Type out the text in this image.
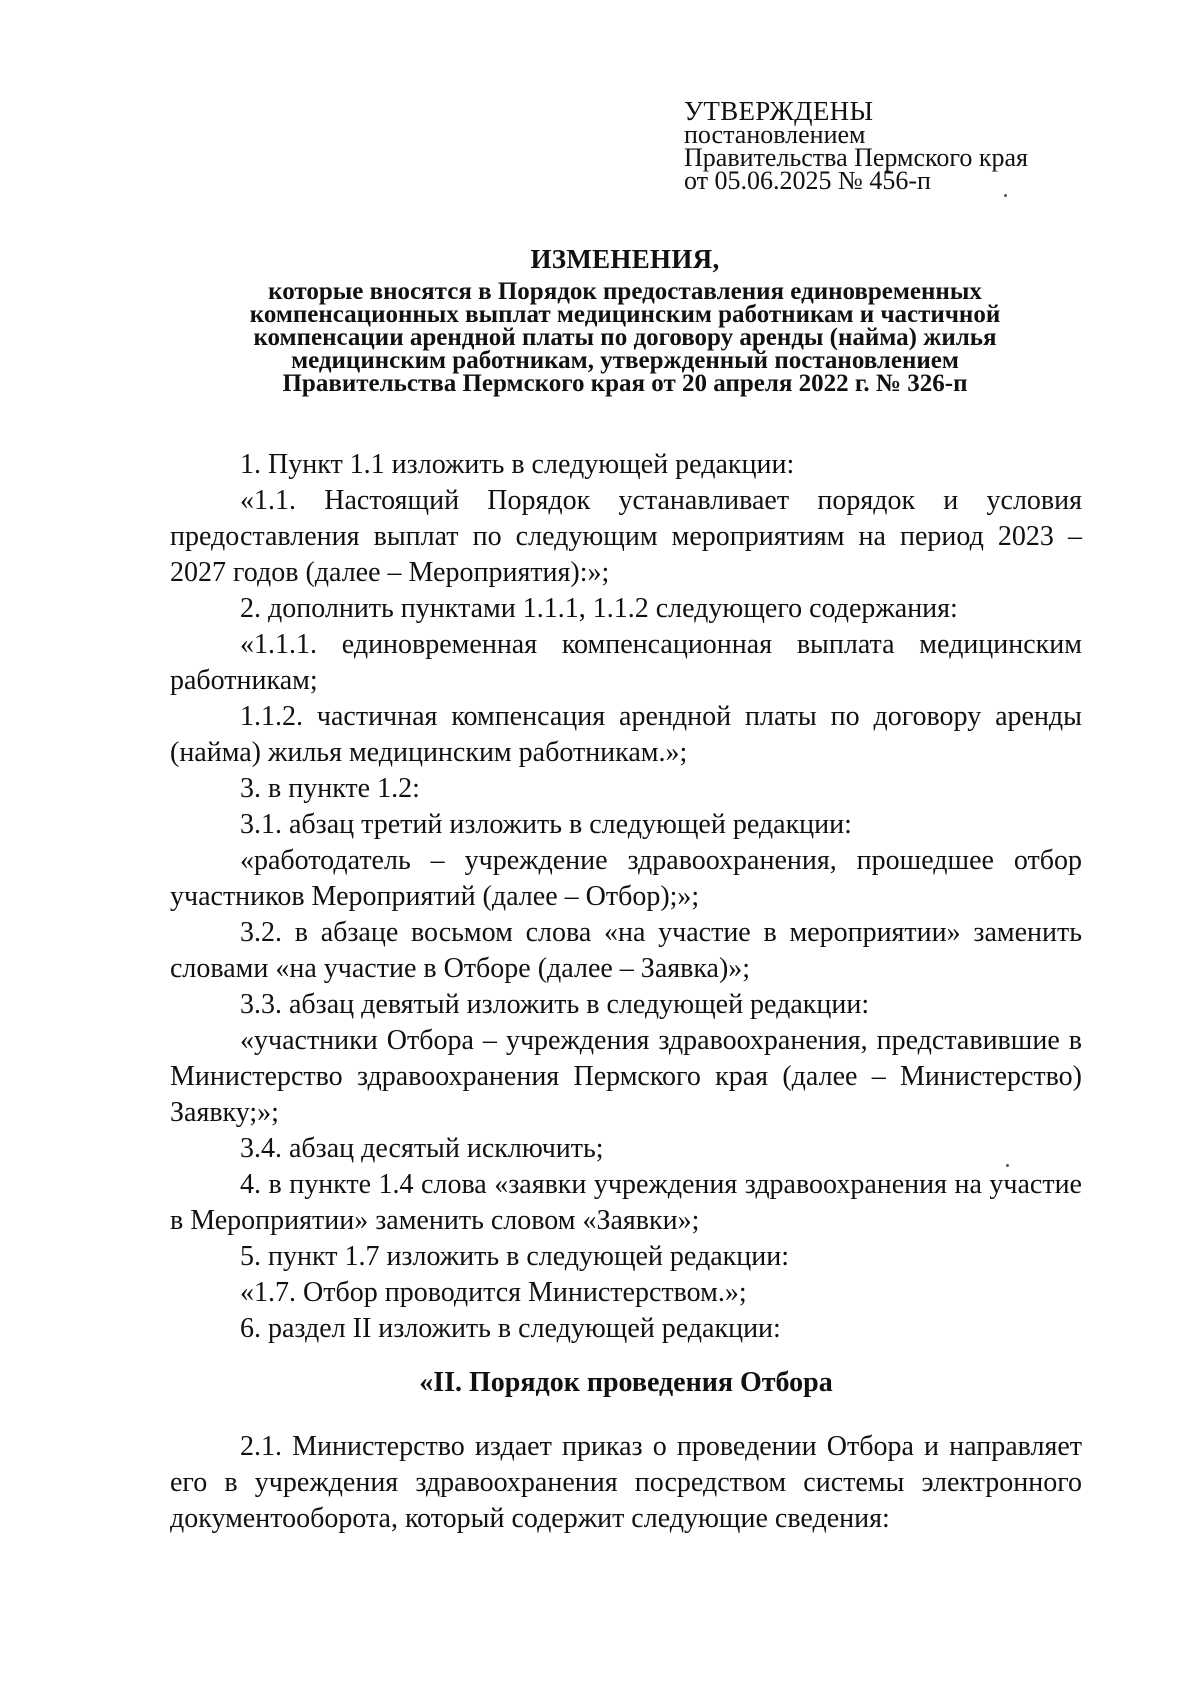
УТВЕРЖДЕНЫ
постановлением
Правительства Пермского края
от 05.06.2025 № 456-п
ИЗМЕНЕНИЯ,
которые вносятся в Порядок предоставления единовременных
компенсационных выплат медицинским работникам и частичной
компенсации арендной платы по договору аренды (найма) жилья
медицинским работникам, утвержденный постановлением
Правительства Пермского края от 20 апреля 2022 г. № 326-п

1. Пункт 1.1 изложить в следующей редакции:

«1.1. Настоящий Порядок устанавливает порядок и условия предоставления выплат по следующим мероприятиям на период 2023 – 2027 годов (далее – Мероприятия):»;

2. дополнить пунктами 1.1.1, 1.1.2 следующего содержания:

«1.1.1. единовременная компенсационная выплата медицинским работникам;

1.1.2. частичная компенсация арендной платы по договору аренды (найма) жилья медицинским работникам.»;

3. в пункте 1.2:

3.1. абзац третий изложить в следующей редакции:

«работодатель – учреждение здравоохранения, прошедшее отбор участников Мероприятий (далее – Отбор);»;

3.2. в абзаце восьмом слова «на участие в мероприятии» заменить словами «на участие в Отборе (далее – Заявка)»;

3.3. абзац девятый изложить в следующей редакции:

«участники Отбора – учреждения здравоохранения, представившие в Министерство здравоохранения Пермского края (далее – Министерство) Заявку;»;

3.4. абзац десятый исключить;

4. в пункте 1.4 слова «заявки учреждения здравоохранения на участие в Мероприятии» заменить словом «Заявки»;

5. пункт 1.7 изложить в следующей редакции:

«1.7. Отбор проводится Министерством.»;

6. раздел II изложить в следующей редакции:

«II. Порядок проведения Отбора

2.1. Министерство издает приказ о проведении Отбора и направляет его в учреждения здравоохранения посредством системы электронного документооборота, который содержит следующие сведения:
